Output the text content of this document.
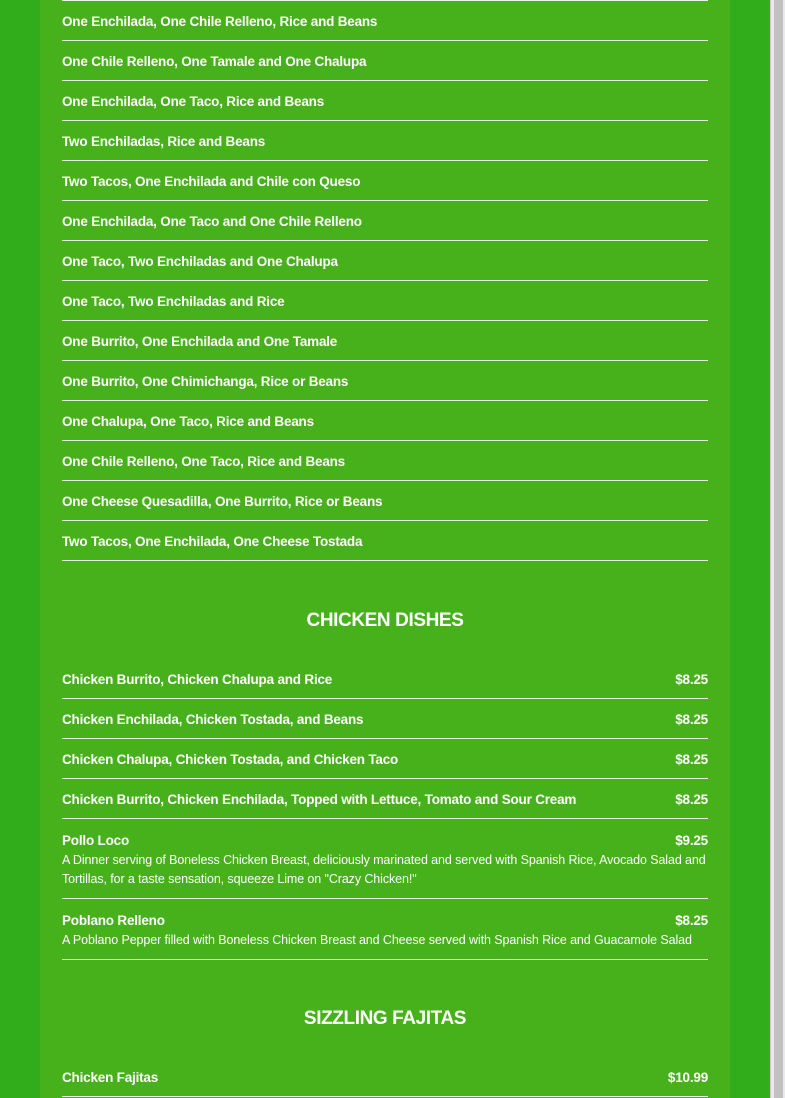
One Enchilada, One Chile Relleno, Rice and Beans
One Chile Relleno, One Tamale and One Chalupa
One Enchilada, One Taco, Rice and Beans
Two Enchiladas, Rice and Beans
Two Tacos, One Enchilada and Chile con Queso
One Enchilada, One Taco and One Chile Relleno
One Taco, Two Enchiladas and One Chalupa
One Taco, Two Enchiladas and Rice
One Burrito, One Enchilada and One Tamale
One Burrito, One Chimichanga, Rice or Beans
One Chalupa, One Taco, Rice and Beans
One Chile Relleno, One Taco, Rice and Beans
One Cheese Quesadilla, One Burrito, Rice or Beans
Two Tacos, One Enchilada, One Cheese Tostada
CHICKEN DISHES
Chicken Burrito, Chicken Chalupa and Rice	$8.25
Chicken Enchilada, Chicken Tostada, and Beans	$8.25
Chicken Chalupa, Chicken Tostada, and Chicken Taco	$8.25
Chicken Burrito, Chicken Enchilada, Topped with Lettuce, Tomato and Sour Cream	$8.25
Pollo Loco	$9.25
A Dinner serving of Boneless Chicken Breast, deliciously marinated and served with Spanish Rice, Avocado Salad and Tortillas, for a taste sensation, squeeze Lime on "Crazy Chicken!"
Poblano Relleno	$8.25
A Poblano Pepper filled with Boneless Chicken Breast and Cheese served with Spanish Rice and Guacamole Salad
SIZZLING FAJITAS
Chicken Fajitas	$10.99
